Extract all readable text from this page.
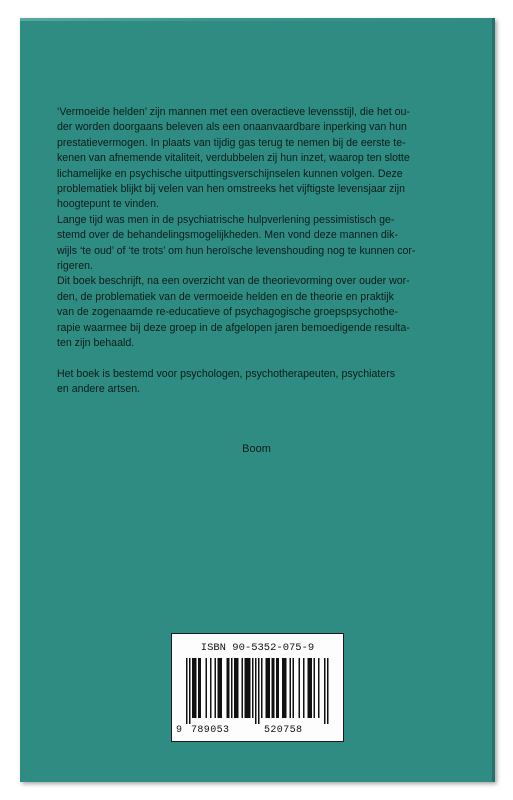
‘Vermoeide helden’ zijn mannen met een overactieve levensstijl, die het ou-
der worden doorgaans beleven als een onaanvaardbare inperking van hun
prestatievermogen. In plaats van tijdig gas terug te nemen bij de eerste te-
kenen van afnemende vitaliteit, verdubbelen zij hun inzet, waarop ten slotte
lichamelijke en psychische uitputtingsverschijnselen kunnen volgen. Deze
problematiek blijkt bij velen van hen omstreeks het vijftigste levensjaar zijn
hoogtepunt te vinden.

Lange tijd was men in de psychiatrische hulpverlening pessimistisch ge-
stemd over de behandelingsmogelijkheden. Men vond deze mannen dik-
wijls ‘te oud’ of ‘te trots’ om hun heroïsche levenshouding nog te kunnen cor-
rigeren.

Dit boek beschrijft, na een overzicht van de theorievorming over ouder wor-
den, de problematiek van de vermoeide helden en de theorie en praktijk
van de zogenaamde re-educatieve of psychagogische groepspsychothe-
rapie waarmee bij deze groep in de afgelopen jaren bemoedigende resulta-
ten zijn behaald.

Het boek is bestemd voor psychologen, psychotherapeuten, psychiaters
en andere artsen.

Boom
ISBN 90-5352-075-9
9 789053	520758
